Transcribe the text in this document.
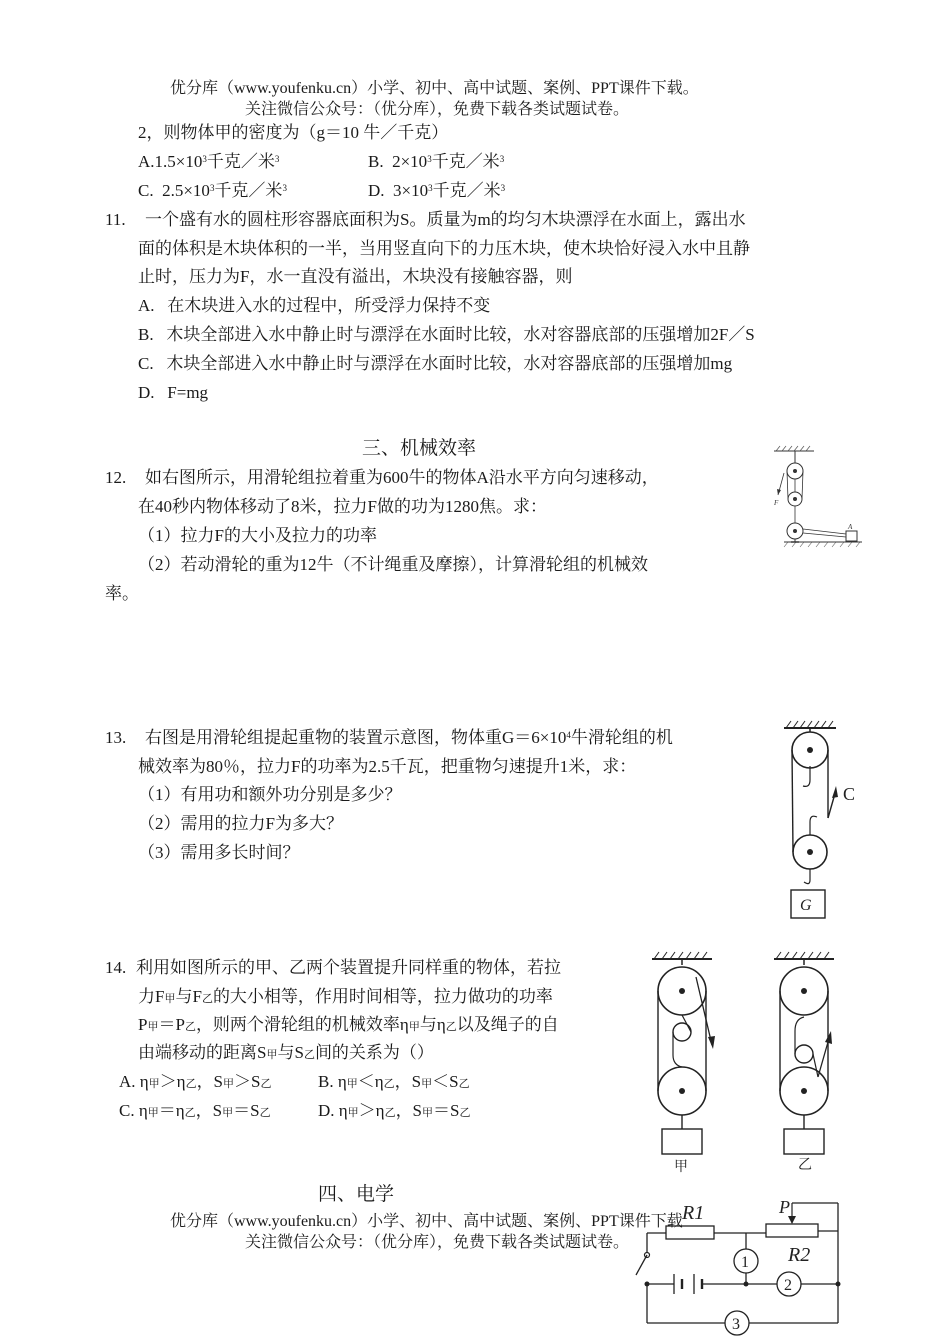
优分库（www.youfenku.cn）小学、初中、高中试题、案例、PPT课件下载。
关注微信公众号：（优分库），免费下载各类试题试卷。
2，则物体甲的密度为（g＝10 牛／千克）
$A.1.5\times 10^3$千克／米$^3$	B. $2\times 10^3$千克／米$^3$
C. $2.5\times 10^3$千克／米$^3$	D. $3\times 10^3$千克／米$^3$
11. 一个盛有水的圆柱形容器底面积为S。质量为m的均匀木块漂浮在水面上，露出水
面的体积是木块体积的一半，当用竖直向下的力压木块，使木块恰好浸入水中且静
止时，压力为F，水一直没有溢出，木块没有接触容器，则
A. 在木块进入水的过程中，所受浮力保持不变
B. 木块全部进入水中静止时与漂浮在水面时比较，水对容器底部的压强增加2F／S
C. 木块全部进入水中静止时与漂浮在水面时比较，水对容器底部的压强增加mg
D. F=mg
三、机械效率
12. 如右图所示，用滑轮组拉着重为600牛的物体A沿水平方向匀速移动，
在40秒内物体移动了8米，拉力F做的功为1280焦。求：
（1）拉力F的大小及拉力的功率
（2）若动滑轮的重为12牛（不计绳重及摩擦），计算滑轮组的机械效
率。
F
A
13. 右图是用滑轮组提起重物的装置示意图，物体重$G=6\times 10^4$牛滑轮组的机
械效率为80％，拉力F的功率为2.5千瓦，把重物匀速提升1米，求：
（1）有用功和额外功分别是多少？
（2）需用的拉力F为多大？
（3）需用多长时间？
C
G
14. 利用如图所示的甲、乙两个装置提升同样重的物体，若拉
力F甲与F乙的大小相等，作用时间相等，拉力做功的功率
P甲＝P乙，则两个滑轮组的机械效率η甲与η乙以及绳子的自
由端移动的距离S甲与S乙间的关系为（）
A. η甲＞η乙，S甲＞S乙	B. η甲＜η乙，S甲＜S乙
C. η甲＝η乙，S甲＝S乙	D. η甲＞η乙，S甲＝S乙
甲	乙
四、电学
R1	P
R2
1
2
3
优分库（www.youfenku.cn）小学、初中、高中试题、案例、PPT课件下载
关注微信公众号：（优分库），免费下载各类试题试卷。
